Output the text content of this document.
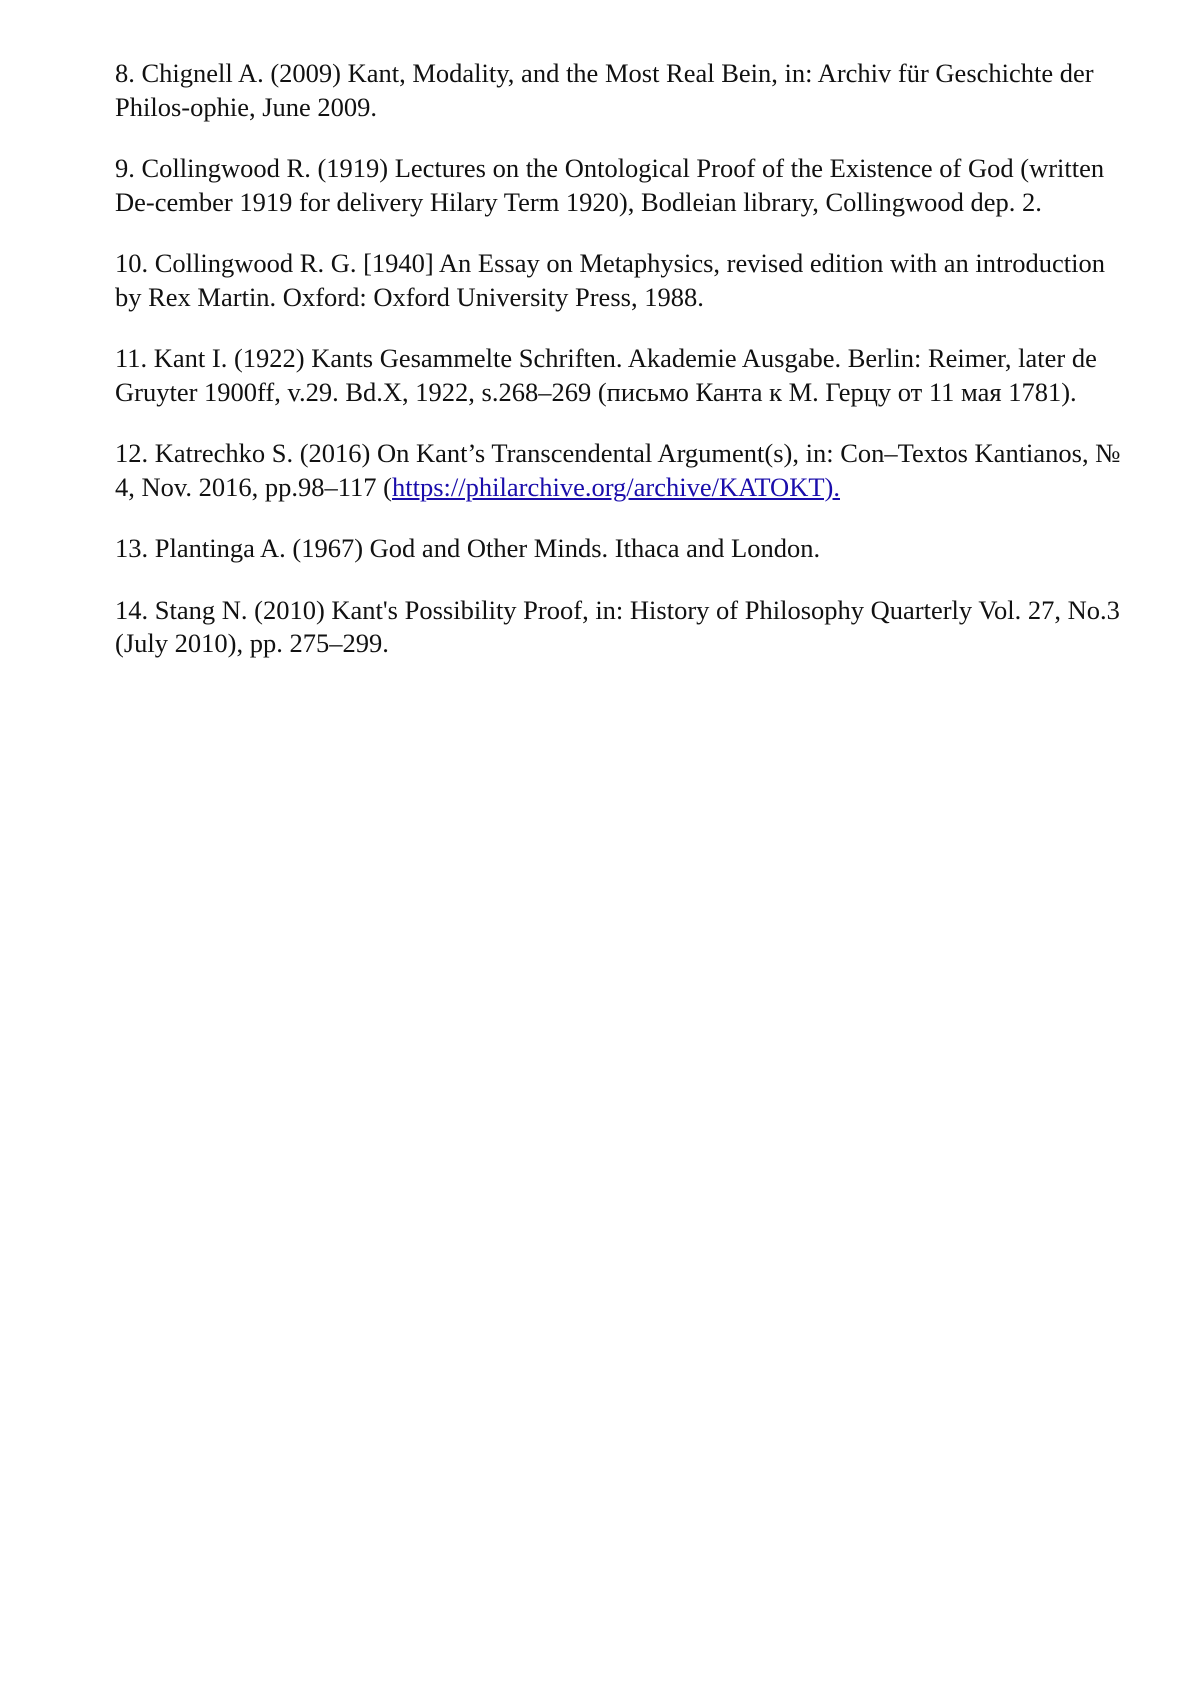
8. Chignell A. (2009) Kant, Modality, and the Most Real Bein, in: Archiv für Geschichte der Philos-ophie, June 2009.

9. Collingwood R. (1919) Lectures on the Ontological Proof of the Existence of God (written De-cember 1919 for delivery Hilary Term 1920), Bodleian library, Collingwood dep. 2.

10. Collingwood R. G. [1940] An Essay on Metaphysics, revised edition with an introduction by Rex Martin. Oxford: Oxford University Press, 1988.

11. Kant I. (1922) Kants Gesammelte Schriften. Akademie Ausgabe. Berlin: Reimer, later de Gruyter 1900ff, v.29. Bd.X, 1922, s.268–269 (письмо Канта к М. Герцу от 11 мая 1781).

12. Katrechko S. (2016) On Kant’s Transcendental Argument(s), in: Con–Textos Kantianos, № 4, Nov. 2016, pp.98–117 (https://philarchive.org/archive/KATOKT).

13. Plantinga A. (1967) God and Other Minds. Ithaca and London.

14. Stang N. (2010) Kant's Possibility Proof, in: History of Philosophy Quarterly Vol. 27, No.3 (July 2010), pp. 275–299.
